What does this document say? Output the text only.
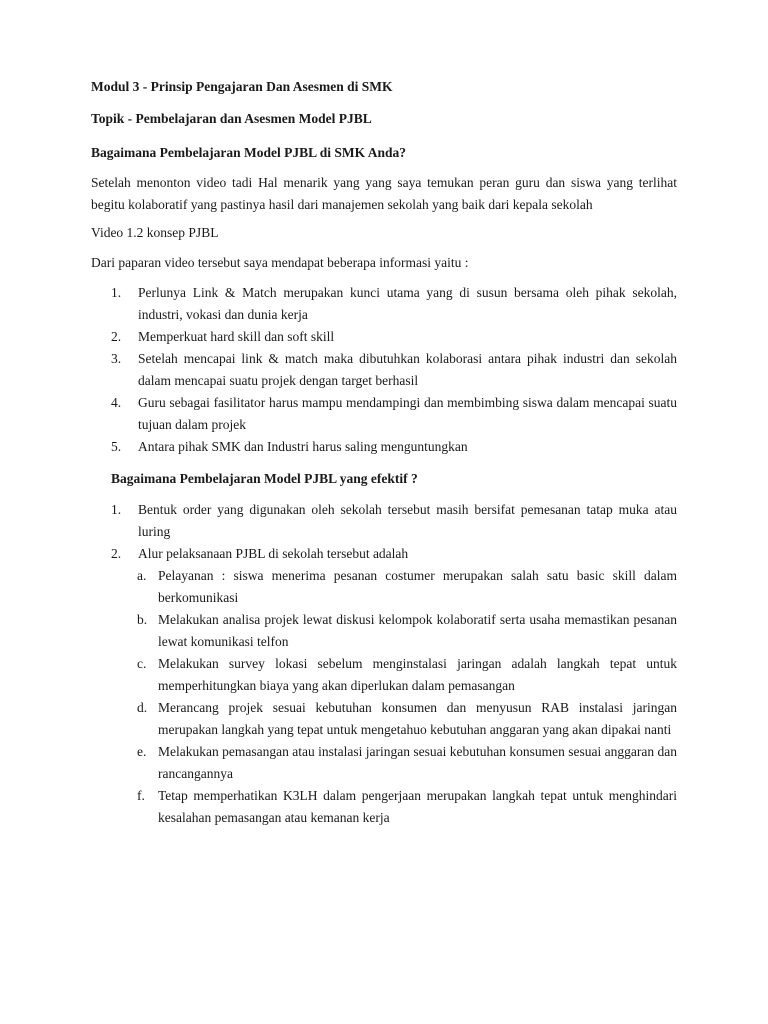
Modul 3 - Prinsip Pengajaran Dan Asesmen di SMK
Topik - Pembelajaran dan Asesmen Model PJBL
Bagaimana Pembelajaran Model PJBL di SMK Anda?
Setelah menonton video tadi Hal menarik yang yang saya temukan peran guru dan siswa yang terlihat begitu kolaboratif yang pastinya hasil dari manajemen sekolah yang baik dari kepala sekolah
Video 1.2 konsep PJBL
Dari paparan video tersebut saya mendapat beberapa informasi yaitu :
1. Perlunya Link & Match merupakan kunci utama yang di susun bersama oleh pihak sekolah, industri, vokasi dan dunia kerja
2. Memperkuat hard skill dan soft skill
3. Setelah mencapai link & match maka dibutuhkan kolaborasi antara pihak industri dan sekolah dalam mencapai suatu projek dengan target berhasil
4. Guru sebagai fasilitator harus mampu mendampingi dan membimbing siswa dalam mencapai suatu tujuan dalam projek
5. Antara pihak SMK dan Industri harus saling menguntungkan
Bagaimana Pembelajaran Model PJBL yang efektif ?
1. Bentuk order yang digunakan oleh sekolah tersebut masih bersifat pemesanan tatap muka atau luring
2. Alur pelaksanaan PJBL di sekolah tersebut adalah
a. Pelayanan : siswa menerima pesanan costumer merupakan salah satu basic skill dalam berkomunikasi
b. Melakukan analisa projek lewat diskusi kelompok kolaboratif serta usaha memastikan pesanan lewat komunikasi telfon
c. Melakukan survey lokasi sebelum menginstalasi jaringan adalah langkah tepat untuk memperhitungkan biaya yang akan diperlukan dalam pemasangan
d. Merancang projek sesuai kebutuhan konsumen dan menyusun RAB instalasi jaringan merupakan langkah yang tepat untuk mengetahuo kebutuhan anggaran yang akan dipakai nanti
e. Melakukan pemasangan atau instalasi jaringan sesuai kebutuhan konsumen sesuai anggaran dan rancangannya
f. Tetap memperhatikan K3LH dalam pengerjaan merupakan langkah tepat untuk menghindari kesalahan pemasangan atau kemanan kerja
